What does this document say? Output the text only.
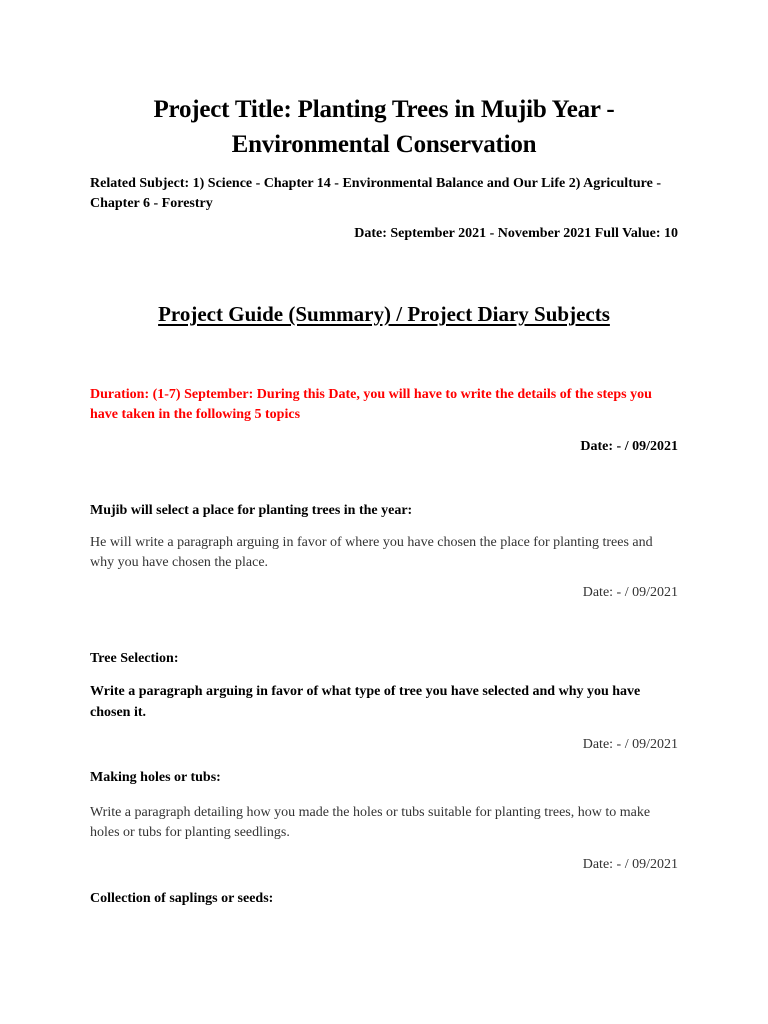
Project Title: Planting Trees in Mujib Year - Environmental Conservation

Related Subject: 1) Science - Chapter 14 - Environmental Balance and Our Life 2) Agriculture - Chapter 6 - Forestry

Date: September 2021 - November 2021 Full Value: 10

Project Guide (Summary) / Project Diary Subjects

Duration: (1-7) September: During this Date, you will have to write the details of the steps you have taken in the following 5 topics

Date: - / 09/2021

Mujib will select a place for planting trees in the year:

He will write a paragraph arguing in favor of where you have chosen the place for planting trees and why you have chosen the place.

Date: - / 09/2021

Tree Selection:

Write a paragraph arguing in favor of what type of tree you have selected and why you have chosen it.

Date: - / 09/2021

Making holes or tubs:

Write a paragraph detailing how you made the holes or tubs suitable for planting trees, how to make holes or tubs for planting seedlings.

Date: - / 09/2021

Collection of saplings or seeds:
